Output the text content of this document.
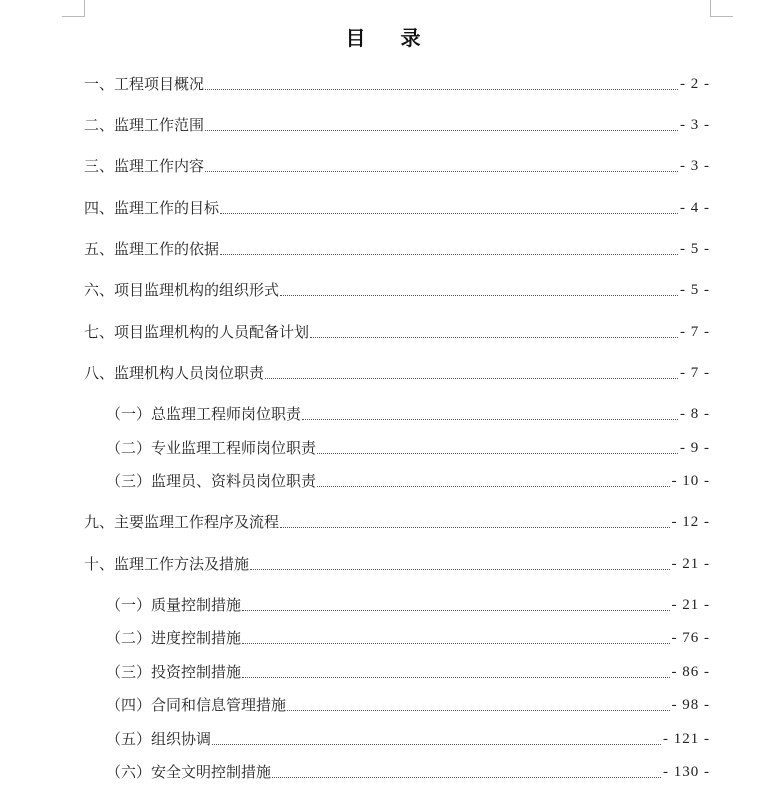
目 录
一、工程项目概况	- 2 -
二、监理工作范围	- 3 -
三、监理工作内容	- 3 -
四、监理工作的目标	- 4 -
五、监理工作的依据	- 5 -
六、项目监理机构的组织形式	- 5 -
七、项目监理机构的人员配备计划	- 7 -
八、监理机构人员岗位职责	- 7 -
（一）总监理工程师岗位职责	- 8 -
（二）专业监理工程师岗位职责	- 9 -
（三）监理员、资料员岗位职责	- 10 -
九、主要监理工作程序及流程	- 12 -
十、监理工作方法及措施	- 21 -
（一）质量控制措施	- 21 -
（二）进度控制措施	- 76 -
（三）投资控制措施	- 86 -
（四）合同和信息管理措施	- 98 -
（五）组织协调	- 121 -
（六）安全文明控制措施	- 130 -
